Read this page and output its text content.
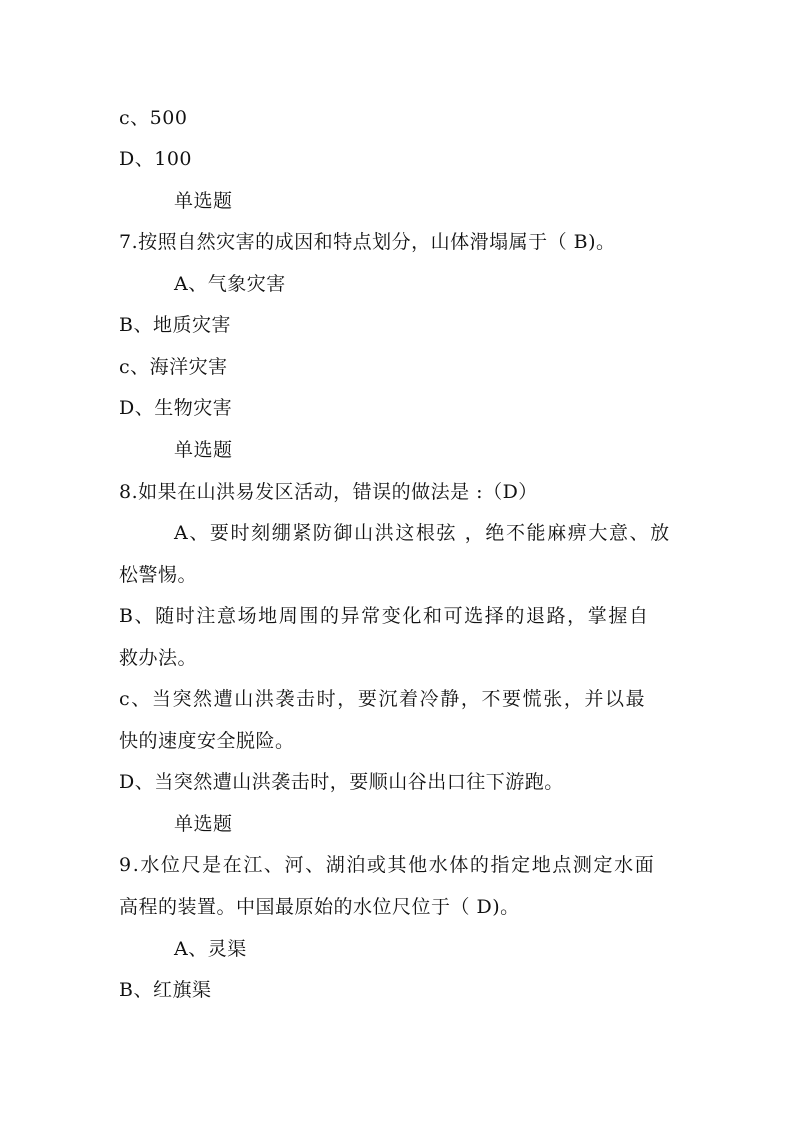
c、500
D、100
单选题
7.按照自然灾害的成因和特点划分，山体滑塌属于（ B)。
A、气象灾害
B、地质灾害
c、海洋灾害
D、生物灾害
单选题
8.如果在山洪易发区活动，错误的做法是 :（D）
A、要时刻绷紧防御山洪这根弦 ，绝不能麻痹大意、放
松警惕。
B、随时注意场地周围的异常变化和可选择的退路，掌握自
救办法。
c、当突然遭山洪袭击时，要沉着冷静，不要慌张，并以最
快的速度安全脱险。
D、当突然遭山洪袭击时，要顺山谷出口往下游跑。
单选题
9.水位尺是在江、河、湖泊或其他水体的指定地点测定水面
高程的装置。中国最原始的水位尺位于（ D)。
A、灵渠
B、红旗渠
